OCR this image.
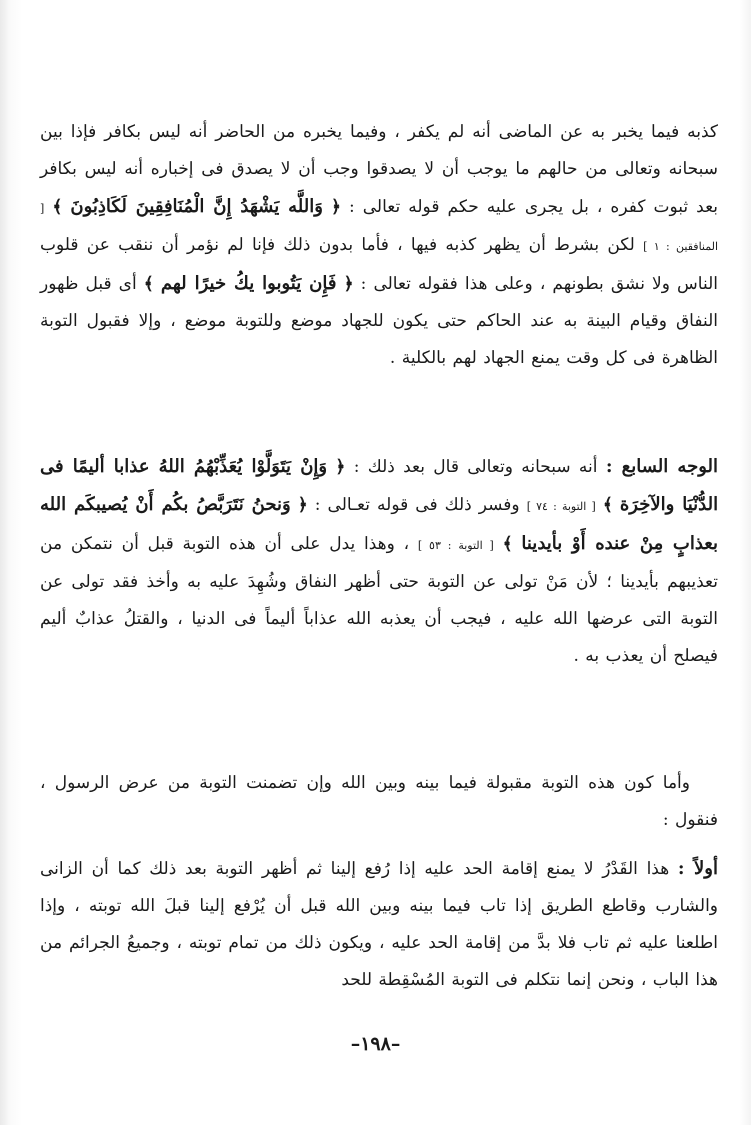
كذبه فيما يخبر به عن الماضى أنه لم يكفر ، وفيما يخبره من الحاضر أنه ليس بكافر فإذا بين سبحانه وتعالى من حالهم ما يوجب أن لا يصدقوا وجب أن لا يصدق فى إخباره أنه ليس بكافر بعد ثبوت كفره ، بل يجرى عليه حكم قوله تعالى : ﴿ وَاللَّه يَشْهَدُ إِنَّ الْمُنَافِقِينَ لَكَاذِبُونَ ﴾ [ المنافقين : ١ ] لكن بشرط أن يظهر كذبه فيها ، فأما بدون ذلك فإنا لم نؤمر أن ننقب عن قلوب الناس ولا نشق بطونهم ، وعلى هذا فقوله تعالى : ﴿ فَإِن يَتُوبوا يكُ خيرًا لهم ﴾ أى قبل ظهور النفاق وقيام البينة به عند الحاكم حتى يكون للجهاد موضع وللتوبة موضع ، وإلا فقبول التوبة الظاهرة فى كل وقت يمنع الجهاد لهم بالكلية .

الوجه السابع : أنه سبحانه وتعالى قال بعد ذلك : ﴿ وَإِنْ يَتَوَلَّوْا يُعَذِّبْهُمُ اللهُ عذابا أليمًا فى الدُّنْيَا والآخِرَة ﴾ [ التوبة : ٧٤ ] وفسر ذلك فى قوله تعـالى : ﴿ وَنحنُ نَتَرَبَّصُ بكُم أَنْ يُصيبكَم الله بعذابٍ مِنْ عنده أَوْ بأيدينا ﴾ [ التوبة : ٥٣ ] ، وهذا يدل على أن هذه التوبة قبل أن نتمكن من تعذيبهم بأيدينا ؛ لأن مَنْ تولى عن التوبة حتى أظهر النفاق وشُهِدَ عليه به وأخذ فقد تولى عن التوبة التى عرضها الله عليه ، فيجب أن يعذبه الله عذاباً أليماً فى الدنيا ، والقتلُ عذابٌ أليم فيصلح أن يعذب به .

وأما كون هذه التوبة مقبولة فيما بينه وبين الله وإن تضمنت التوبة من عرض الرسول ، فنقول :

أولاً : هذا القَدْرُ لا يمنع إقامة الحد عليه إذا رُفع إلينا ثم أظهر التوبة بعد ذلك كما أن الزانى والشارب وقاطع الطريق إذا تاب فيما بينه وبين الله قبل أن يُرْفع إلينا قبلَ الله توبته ، وإذا اطلعنا عليه ثم تاب فلا بدَّ من إقامة الحد عليه ، ويكون ذلك من تمام توبته ، وجميعُ الجرائم من هذا الباب ، ونحن إنما نتكلم فى التوبة المُسْقِطة للحد

–١٩٨–
